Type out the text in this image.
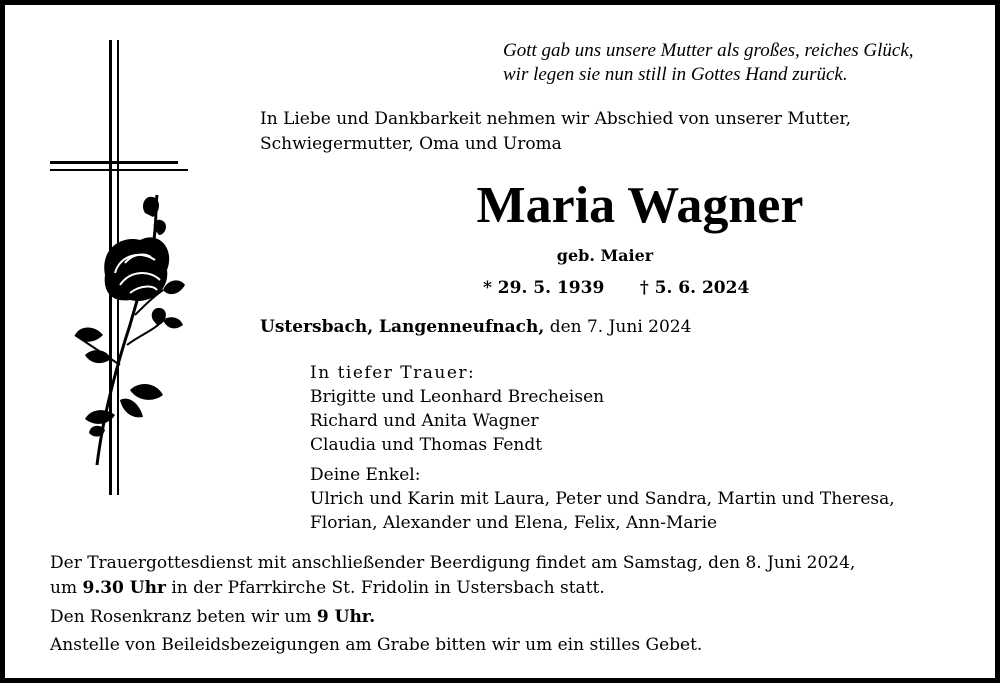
Gott gab uns unsere Mutter als großes, reiches Glück,
wir legen sie nun still in Gottes Hand zurück.
In Liebe und Dankbarkeit nehmen wir Abschied von unserer Mutter,
Schwiegermutter, Oma und Uroma
Maria Wagner
geb. Maier
* 29. 5. 1939 † 5. 6. 2024
Ustersbach, Langenneufnach, den 7. Juni 2024
In tiefer Trauer:
Brigitte und Leonhard Brecheisen
Richard und Anita Wagner
Claudia und Thomas Fendt
Deine Enkel:
Ulrich und Karin mit Laura, Peter und Sandra, Martin und Theresa,
Florian, Alexander und Elena, Felix, Ann-Marie
Der Trauergottesdienst mit anschließender Beerdigung findet am Samstag, den 8. Juni 2024,
um 9.30 Uhr in der Pfarrkirche St. Fridolin in Ustersbach statt.
Den Rosenkranz beten wir um 9 Uhr.
Anstelle von Beileidsbezeigungen am Grabe bitten wir um ein stilles Gebet.
